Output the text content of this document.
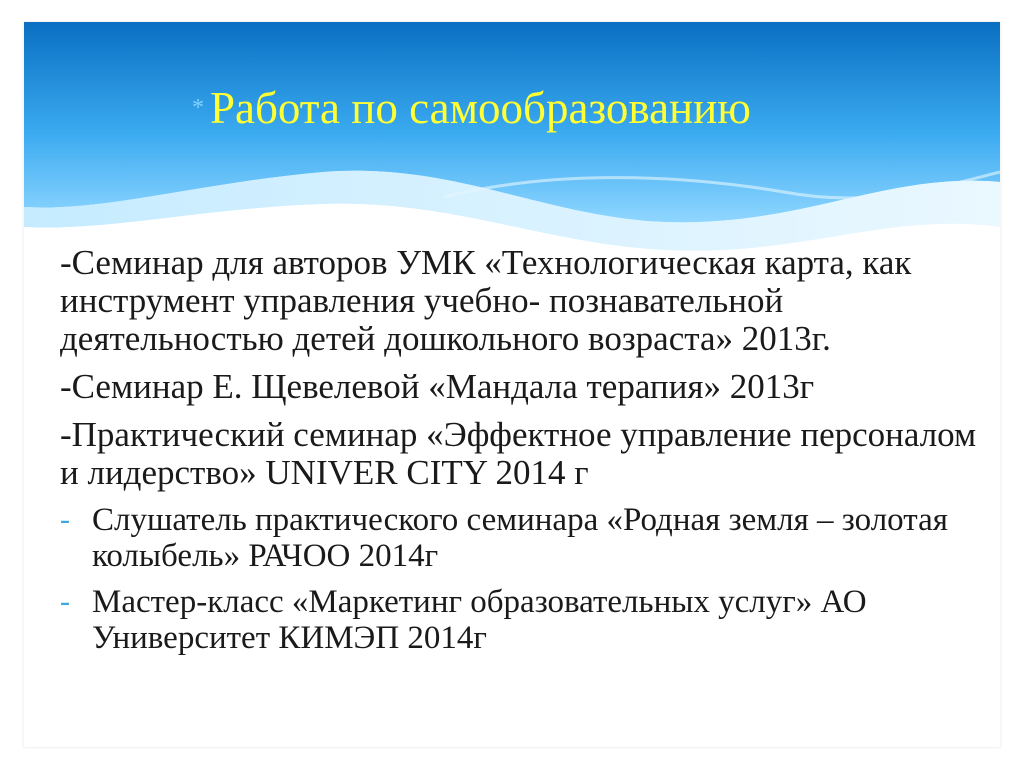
* Работа по самообразованию

-Семинар для авторов УМК «Технологическая карта, как инструмент управления учебно- познавательной деятельностью детей дошкольного возраста» 2013г.

-Семинар Е. Щевелевой «Мандала терапия» 2013г

-Практический семинар «Эффектное управление персоналом и лидерство» UNIVER CITY 2014 г

- Слушатель практического семинара «Родная земля – золотая колыбель» РАЧОО 2014г
- Мастер-класс «Маркетинг образовательных услуг» АО Университет КИМЭП 2014г
